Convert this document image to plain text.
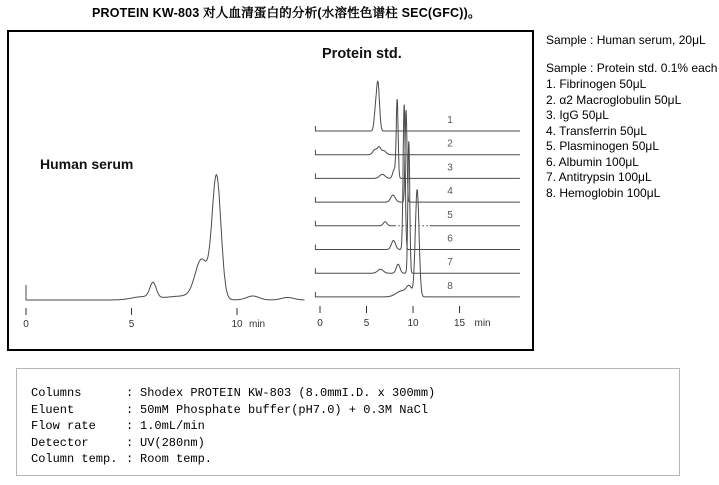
PROTEIN KW-803 对人血清蛋白的分析(水溶性色谱柱 SEC(GFC))。
0	5	10 min
1
2
3
4
5
6
7
8
0	5	10	15 min
Human serum
Protein std.
Sample : Human serum, 20μL
Sample : Protein std. 0.1% each
1. Fibrinogen 50μL
2. α2 Macroglobulin 50μL
3. IgG 50μL
4. Transferrin 50μL
5. Plasminogen 50μL
6. Albumin 100μL
7. Antitrypsin 100μL
8. Hemoglobin 100μL
Columns	: Shodex PROTEIN KW-803 (8.0mmI.D. x 300mm)
Eluent	: 50mM Phosphate buffer(pH7.0) + 0.3M NaCl
Flow rate	: 1.0mL/min
Detector	: UV(280nm)
Column temp. : Room temp.
